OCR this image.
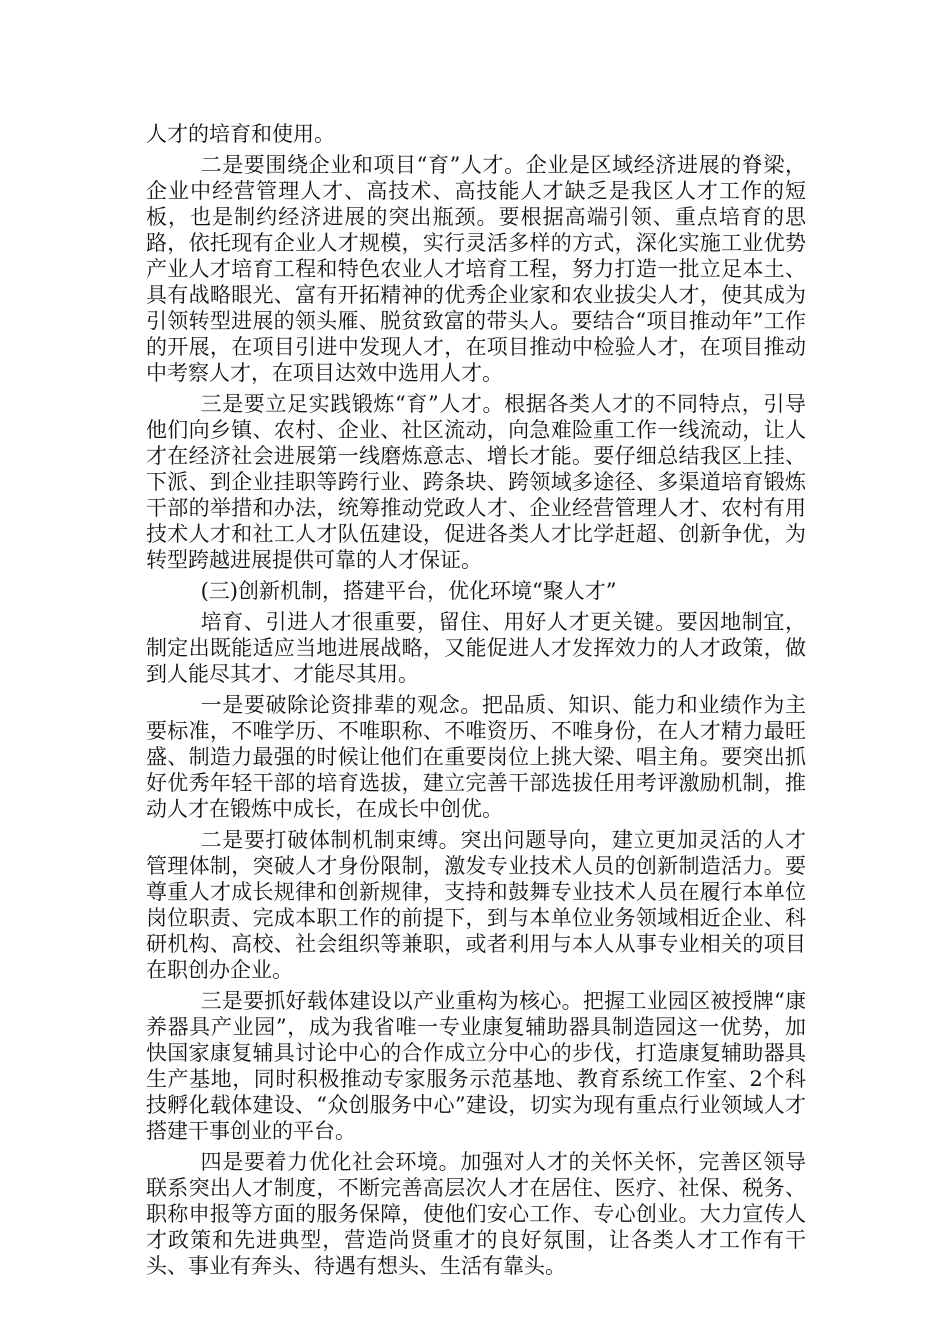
人才的培育和使用。

二是要围绕企业和项目“育”人才。企业是区域经济进展的脊梁，企业中经营管理人才、高技术、高技能人才缺乏是我区人才工作的短板，也是制约经济进展的突出瓶颈。要根据高端引领、重点培育的思路，依托现有企业人才规模，实行灵活多样的方式，深化实施工业优势产业人才培育工程和特色农业人才培育工程，努力打造一批立足本土、具有战略眼光、富有开拓精神的优秀企业家和农业拔尖人才，使其成为引领转型进展的领头雁、脱贫致富的带头人。要结合“项目推动年”工作的开展，在项目引进中发现人才，在项目推动中检验人才，在项目推动中考察人才，在项目达效中选用人才。

三是要立足实践锻炼“育”人才。根据各类人才的不同特点，引导他们向乡镇、农村、企业、社区流动，向急难险重工作一线流动，让人才在经济社会进展第一线磨炼意志、增长才能。要仔细总结我区上挂、下派、到企业挂职等跨行业、跨条块、跨领域多途径、多渠道培育锻炼干部的举措和办法，统筹推动党政人才、企业经营管理人才、农村有用技术人才和社工人才队伍建设，促进各类人才比学赶超、创新争优，为转型跨越进展提供可靠的人才保证。

(三)创新机制，搭建平台，优化环境“聚人才”

培育、引进人才很重要，留住、用好人才更关键。要因地制宜，制定出既能适应当地进展战略，又能促进人才发挥效力的人才政策，做到人能尽其才、才能尽其用。

一是要破除论资排辈的观念。把品质、知识、能力和业绩作为主要标准，不唯学历、不唯职称、不唯资历、不唯身份，在人才精力最旺盛、制造力最强的时候让他们在重要岗位上挑大梁、唱主角。要突出抓好优秀年轻干部的培育选拔，建立完善干部选拔任用考评激励机制，推动人才在锻炼中成长，在成长中创优。

二是要打破体制机制束缚。突出问题导向，建立更加灵活的人才管理体制，突破人才身份限制，激发专业技术人员的创新制造活力。要尊重人才成长规律和创新规律，支持和鼓舞专业技术人员在履行本单位岗位职责、完成本职工作的前提下，到与本单位业务领域相近企业、科研机构、高校、社会组织等兼职，或者利用与本人从事专业相关的项目在职创办企业。

三是要抓好载体建设以产业重构为核心。把握工业园区被授牌“康养器具产业园”，成为我省唯一专业康复辅助器具制造园这一优势，加快国家康复辅具讨论中心的合作成立分中心的步伐，打造康复辅助器具生产基地，同时积极推动专家服务示范基地、教育系统工作室、2个科技孵化载体建设、“众创服务中心”建设，切实为现有重点行业领域人才搭建干事创业的平台。

四是要着力优化社会环境。加强对人才的关怀关怀，完善区领导联系突出人才制度，不断完善高层次人才在居住、医疗、社保、税务、职称申报等方面的服务保障，使他们安心工作、专心创业。大力宣传人才政策和先进典型，营造尚贤重才的良好氛围，让各类人才工作有干头、事业有奔头、待遇有想头、生活有靠头。
